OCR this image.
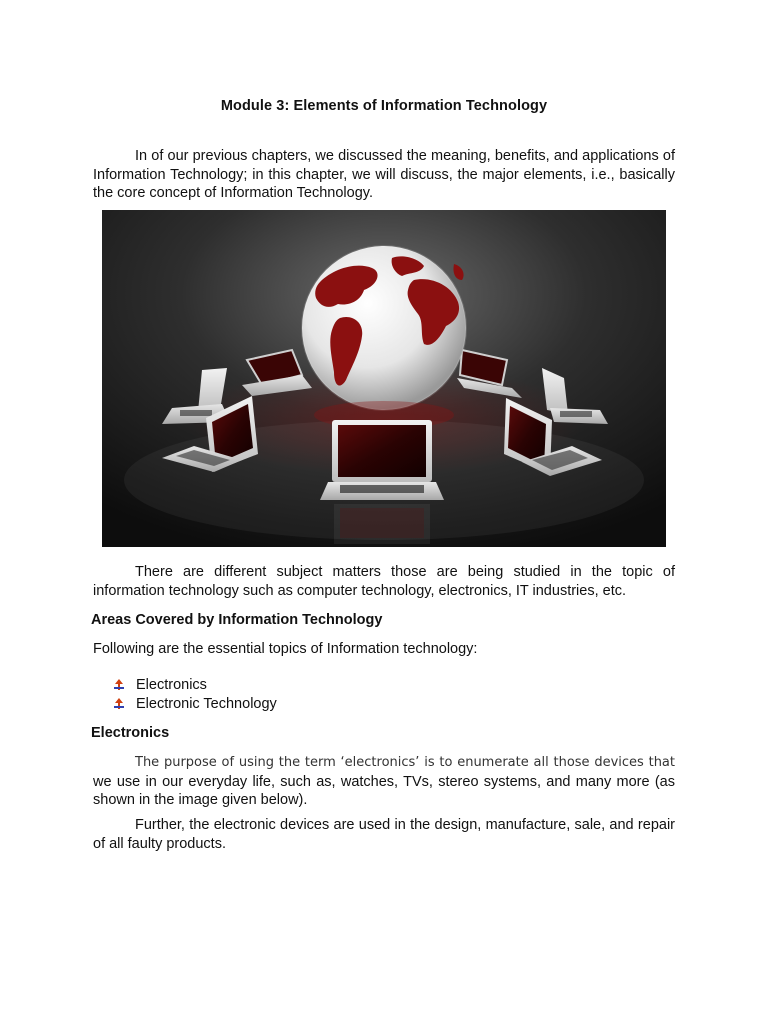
Module 3: Elements of Information Technology
In of our previous chapters, we discussed the meaning, benefits, and applications of Information Technology; in this chapter, we will discuss, the major elements, i.e., basically the core concept of Information Technology.
There are different subject matters those are being studied in the topic of information technology such as computer technology, electronics, IT industries, etc.
Areas Covered by Information Technology
Following are the essential topics of Information technology:
Electronics
Electronic Technology
Electronics
The purpose of using the term ‘electronics’ is to enumerate all those devices that we use in our everyday life, such as, watches, TVs, stereo systems, and many more (as shown in the image given below).
Further, the electronic devices are used in the design, manufacture, sale, and repair of all faulty products.
